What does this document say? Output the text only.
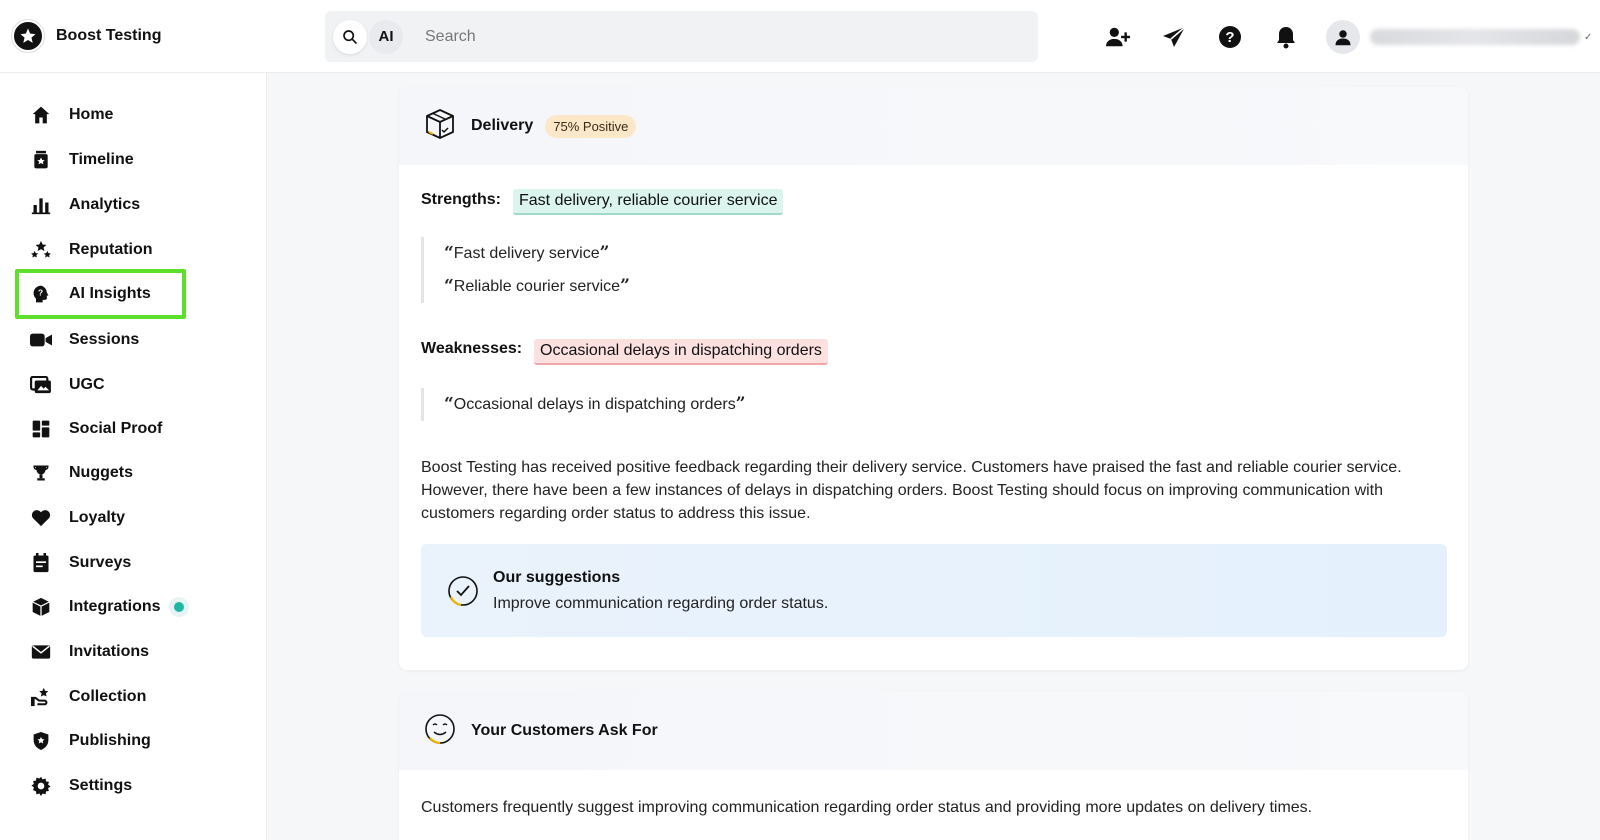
Boost Testing	AI	Search	?	✓
Home
Timeline
Analytics
Reputation
? AI Insights
Sessions
UGC
Social Proof
Nuggets
Loyalty
Surveys
Integrations
Invitations
Collection
Publishing
Settings
Delivery	75% Positive
Strengths:	Fast delivery, reliable courier service
“Fast delivery service”
“Reliable courier service”
Weaknesses:	Occasional delays in dispatching orders
“Occasional delays in dispatching orders”

Boost Testing has received positive feedback regarding their delivery service. Customers have praised the fast and reliable courier service. However, there have been a few instances of delays in dispatching orders. Boost Testing should focus on improving communication with customers regarding order status to address this issue.

Our suggestions
Improve communication regarding order status.
Your Customers Ask For

Customers frequently suggest improving communication regarding order status and providing more updates on delivery times.
